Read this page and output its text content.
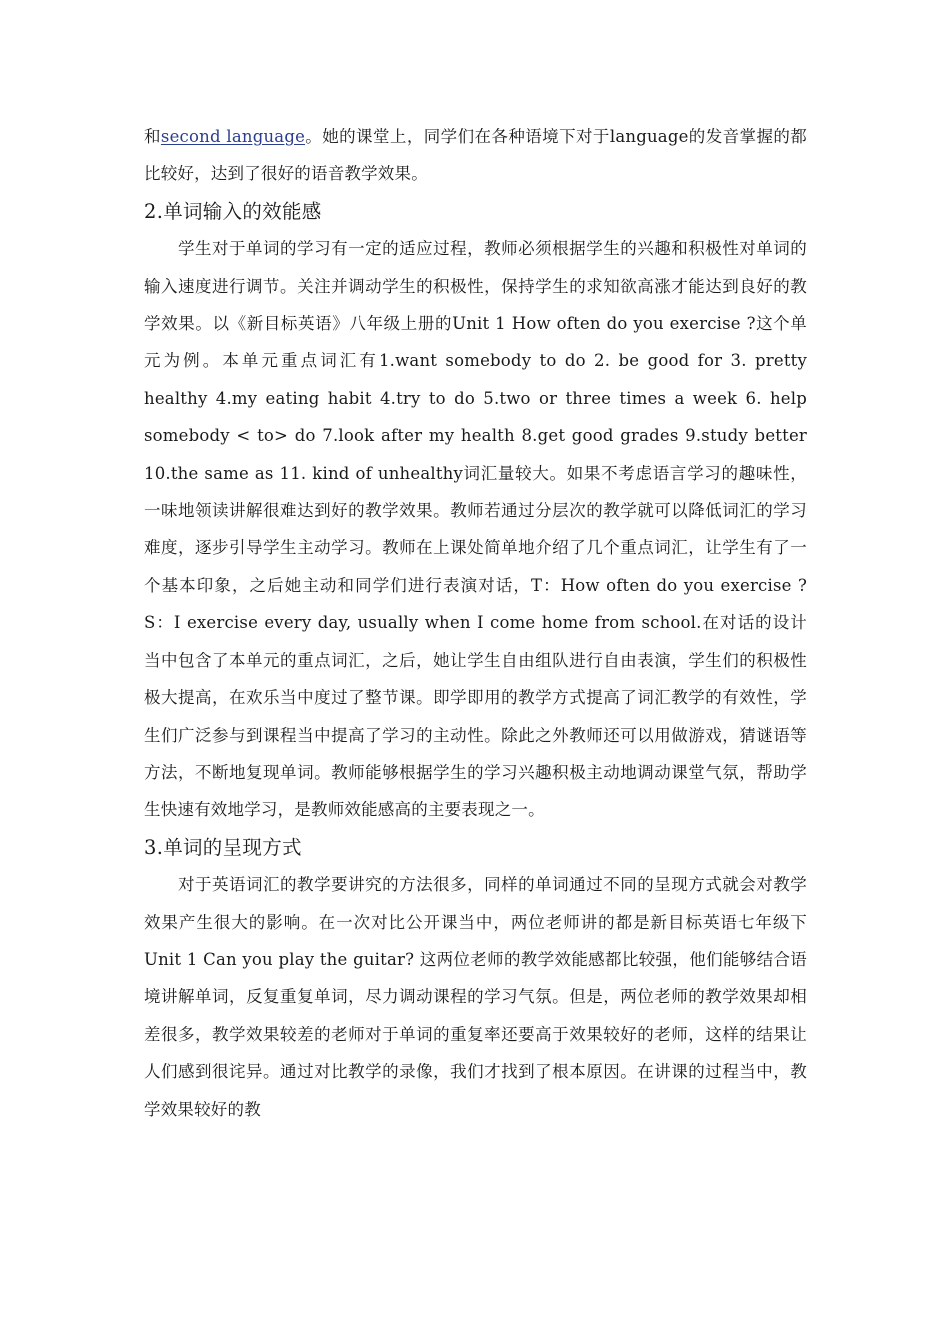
和second language。她的课堂上，同学们在各种语境下对于language的发音掌握的都比较好，达到了很好的语音教学效果。

2.单词输入的效能感

学生对于单词的学习有一定的适应过程，教师必须根据学生的兴趣和积极性对单词的输入速度进行调节。关注并调动学生的积极性，保持学生的求知欲高涨才能达到良好的教学效果。以《新目标英语》八年级上册的Unit 1 How often do you exercise ?这个单元为例。本单元重点词汇有1.want somebody to do 2. be good for 3. pretty healthy 4.my eating habit 4.try to do 5.two or three times a week 6. help somebody < to> do 7.look after my health 8.get good grades 9.study better 10.the same as 11. kind of unhealthy词汇量较大。如果不考虑语言学习的趣味性，一味地领读讲解很难达到好的教学效果。教师若通过分层次的教学就可以降低词汇的学习难度，逐步引导学生主动学习。教师在上课处简单地介绍了几个重点词汇，让学生有了一个基本印象，之后她主动和同学们进行表演对话，T：How often do you exercise ?S：I exercise every day, usually when I come home from school.在对话的设计当中包含了本单元的重点词汇，之后，她让学生自由组队进行自由表演，学生们的积极性极大提高，在欢乐当中度过了整节课。即学即用的教学方式提高了词汇教学的有效性，学生们广泛参与到课程当中提高了学习的主动性。除此之外教师还可以用做游戏，猜谜语等方法，不断地复现单词。教师能够根据学生的学习兴趣积极主动地调动课堂气氛，帮助学生快速有效地学习，是教师效能感高的主要表现之一。

3.单词的呈现方式

对于英语词汇的教学要讲究的方法很多，同样的单词通过不同的呈现方式就会对教学效果产生很大的影响。在一次对比公开课当中，两位老师讲的都是新目标英语七年级下Unit 1 Can you play the guitar? 这两位老师的教学效能感都比较强，他们能够结合语境讲解单词，反复重复单词，尽力调动课程的学习气氛。但是，两位老师的教学效果却相差很多，教学效果较差的老师对于单词的重复率还要高于效果较好的老师，这样的结果让人们感到很诧异。通过对比教学的录像，我们才找到了根本原因。在讲课的过程当中，教学效果较好的教
